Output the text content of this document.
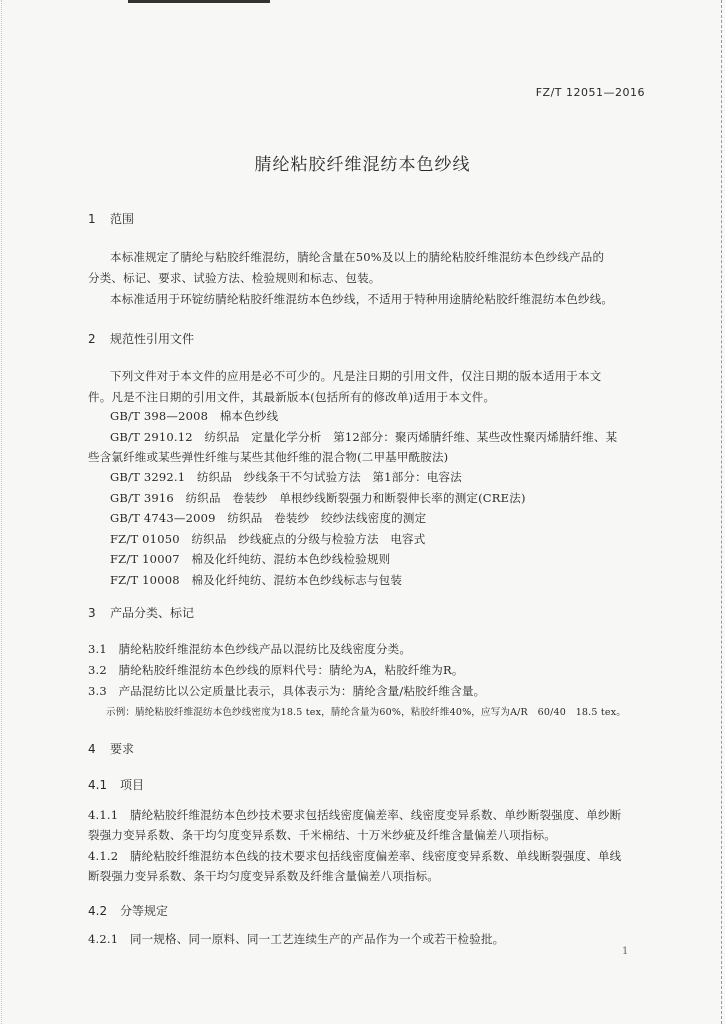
FZ/T 12051—2016
腈纶粘胶纤维混纺本色纱线
1 范围
本标准规定了腈纶与粘胶纤维混纺，腈纶含量在50%及以上的腈纶粘胶纤维混纺本色纱线产品的
分类、标记、要求、试验方法、检验规则和标志、包装。
本标准适用于环锭纺腈纶粘胶纤维混纺本色纱线，不适用于特种用途腈纶粘胶纤维混纺本色纱线。
2 规范性引用文件
下列文件对于本文件的应用是必不可少的。凡是注日期的引用文件，仅注日期的版本适用于本文
件。凡是不注日期的引用文件，其最新版本(包括所有的修改单)适用于本文件。
GB/T 398—2008　棉本色纱线
GB/T 2910.12　纺织品　定量化学分析　第12部分：聚丙烯腈纤维、某些改性聚丙烯腈纤维、某
些含氯纤维或某些弹性纤维与某些其他纤维的混合物(二甲基甲酰胺法)
GB/T 3292.1　纺织品　纱线条干不匀试验方法　第1部分：电容法
GB/T 3916　纺织品　卷装纱　单根纱线断裂强力和断裂伸长率的测定(CRE法)
GB/T 4743—2009　纺织品　卷装纱　绞纱法线密度的测定
FZ/T 01050　纺织品　纱线疵点的分级与检验方法　电容式
FZ/T 10007　棉及化纤纯纺、混纺本色纱线检验规则
FZ/T 10008　棉及化纤纯纺、混纺本色纱线标志与包装
3 产品分类、标记
3.1　腈纶粘胶纤维混纺本色纱线产品以混纺比及线密度分类。
3.2　腈纶粘胶纤维混纺本色纱线的原料代号：腈纶为A，粘胶纤维为R。
3.3　产品混纺比以公定质量比表示，具体表示为：腈纶含量/粘胶纤维含量。
示例：腈纶粘胶纤维混纺本色纱线密度为18.5 tex，腈纶含量为60%，粘胶纤维40%，应写为A/R　60/40　18.5 tex。
4 要求
4.1 项目
4.1.1　腈纶粘胶纤维混纺本色纱技术要求包括线密度偏差率、线密度变异系数、单纱断裂强度、单纱断
裂强力变异系数、条干均匀度变异系数、千米棉结、十万米纱疵及纤维含量偏差八项指标。
4.1.2　腈纶粘胶纤维混纺本色线的技术要求包括线密度偏差率、线密度变异系数、单线断裂强度、单线
断裂强力变异系数、条干均匀度变异系数及纤维含量偏差八项指标。
4.2 分等规定
4.2.1　同一规格、同一原料、同一工艺连续生产的产品作为一个或若干检验批。
1
